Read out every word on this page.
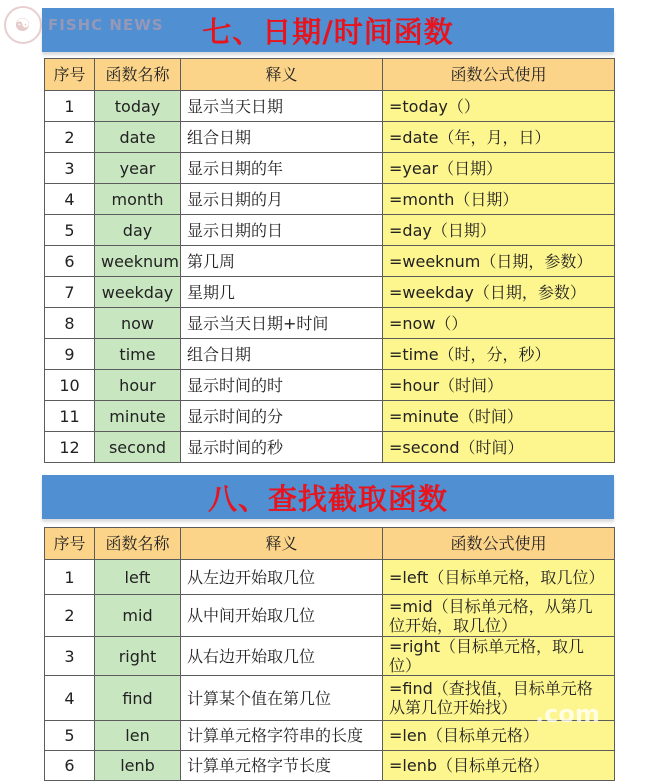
☯	FISHC NEWS 七、日期/时间函数
序号	函数名称	释义	函数公式使用
1	today	显示当天日期	=today（）
2	date	组合日期	=date（年，月，日）
3	year	显示日期的年	=year（日期）
4	month	显示日期的月	=month（日期）
5	day	显示日期的日	=day（日期）
6	weeknum	第几周	=weeknum（日期，参数）
7	weekday	星期几	=weekday（日期，参数）
8	now	显示当天日期+时间	=now（）
9	time	组合日期	=time（时，分，秒）
10	hour	显示时间的时	=hour（时间）
11	minute	显示时间的分	=minute（时间）
12	second	显示时间的秒	=second（时间）
八、查找截取函数
序号	函数名称	释义	函数公式使用
1	left	从左边开始取几位	=left（目标单元格，取几位）
2	mid	从中间开始取几位	=mid（目标单元格，从第几位开始，取几位）
3	right	从右边开始取几位	=right（目标单元格，取几位）
4	find	计算某个值在第几位	=find（查找值，目标单元格从第几位开始找）
5	len	计算单元格字符串的长度	=len（目标单元格）
6	lenb	计算单元格字节长度	=lenb（目标单元格）
.com
